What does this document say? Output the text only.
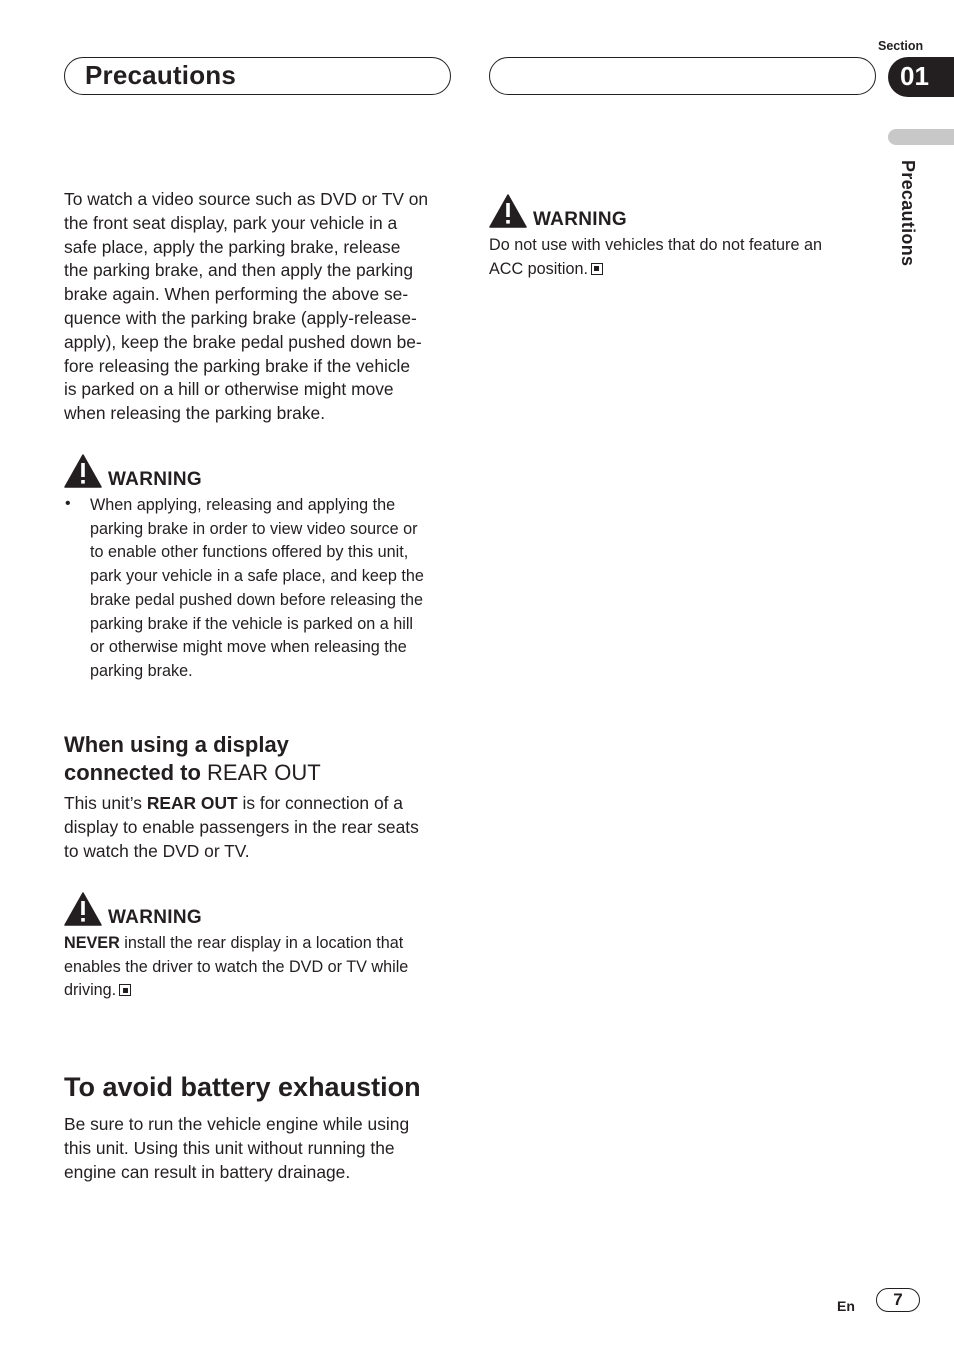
Precautions
Section
01
Precautions
To watch a video source such as DVD or TV on
the front seat display, park your vehicle in a
safe place, apply the parking brake, release
the parking brake, and then apply the parking
brake again. When performing the above se-
quence with the parking brake (apply-release-
apply), keep the brake pedal pushed down be-
fore releasing the parking brake if the vehicle
is parked on a hill or otherwise might move
when releasing the parking brake.
WARNING
• When applying, releasing and applying the
parking brake in order to view video source or
to enable other functions offered by this unit,
park your vehicle in a safe place, and keep the
brake pedal pushed down before releasing the
parking brake if the vehicle is parked on a hill
or otherwise might move when releasing the
parking brake.
When using a display
connected to REAR OUT
This unit’s REAR OUT is for connection of a
display to enable passengers in the rear seats
to watch the DVD or TV.
WARNING
NEVER install the rear display in a location that
enables the driver to watch the DVD or TV while
driving.
To avoid battery exhaustion
Be sure to run the vehicle engine while using
this unit. Using this unit without running the
engine can result in battery drainage.
WARNING
Do not use with vehicles that do not feature an
ACC position.
En	7
